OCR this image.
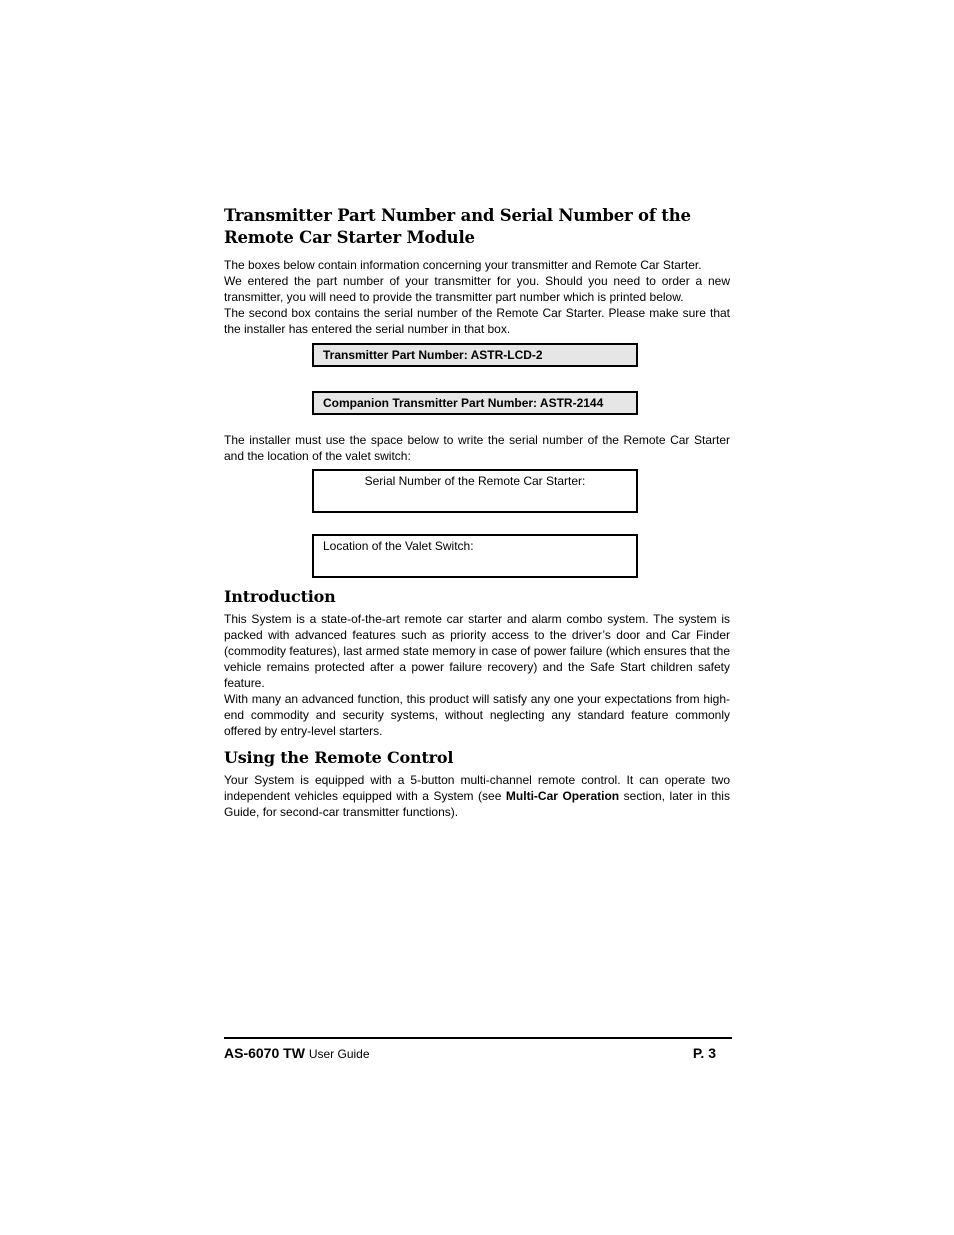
Transmitter Part Number and Serial Number of the Remote Car Starter Module

The boxes below contain information concerning your transmitter and Remote Car Starter.

We entered the part number of your transmitter for you. Should you need to order a new transmitter, you will need to provide the transmitter part number which is printed below.

The second box contains the serial number of the Remote Car Starter. Please make sure that the installer has entered the serial number in that box.

Transmitter Part Number: ASTR-LCD-2
Companion Transmitter Part Number: ASTR-2144

The installer must use the space below to write the serial number of the Remote Car Starter and the location of the valet switch:

Serial Number of the Remote Car Starter:
Location of the Valet Switch:
Introduction

This System is a state-of-the-art remote car starter and alarm combo system. The system is packed with advanced features such as priority access to the driver’s door and Car Finder (commodity features), last armed state memory in case of power failure (which ensures that the vehicle remains protected after a power failure recovery) and the Safe Start children safety feature.

With many an advanced function, this product will satisfy any one your expectations from high-end commodity and security systems, without neglecting any standard feature commonly offered by entry-level starters.

Using the Remote Control

Your System is equipped with a 5-button multi-channel remote control. It can operate two independent vehicles equipped with a System (see Multi-Car Operation section, later in this Guide, for second-car transmitter functions).

AS-6070 TW User Guide	P. 3
